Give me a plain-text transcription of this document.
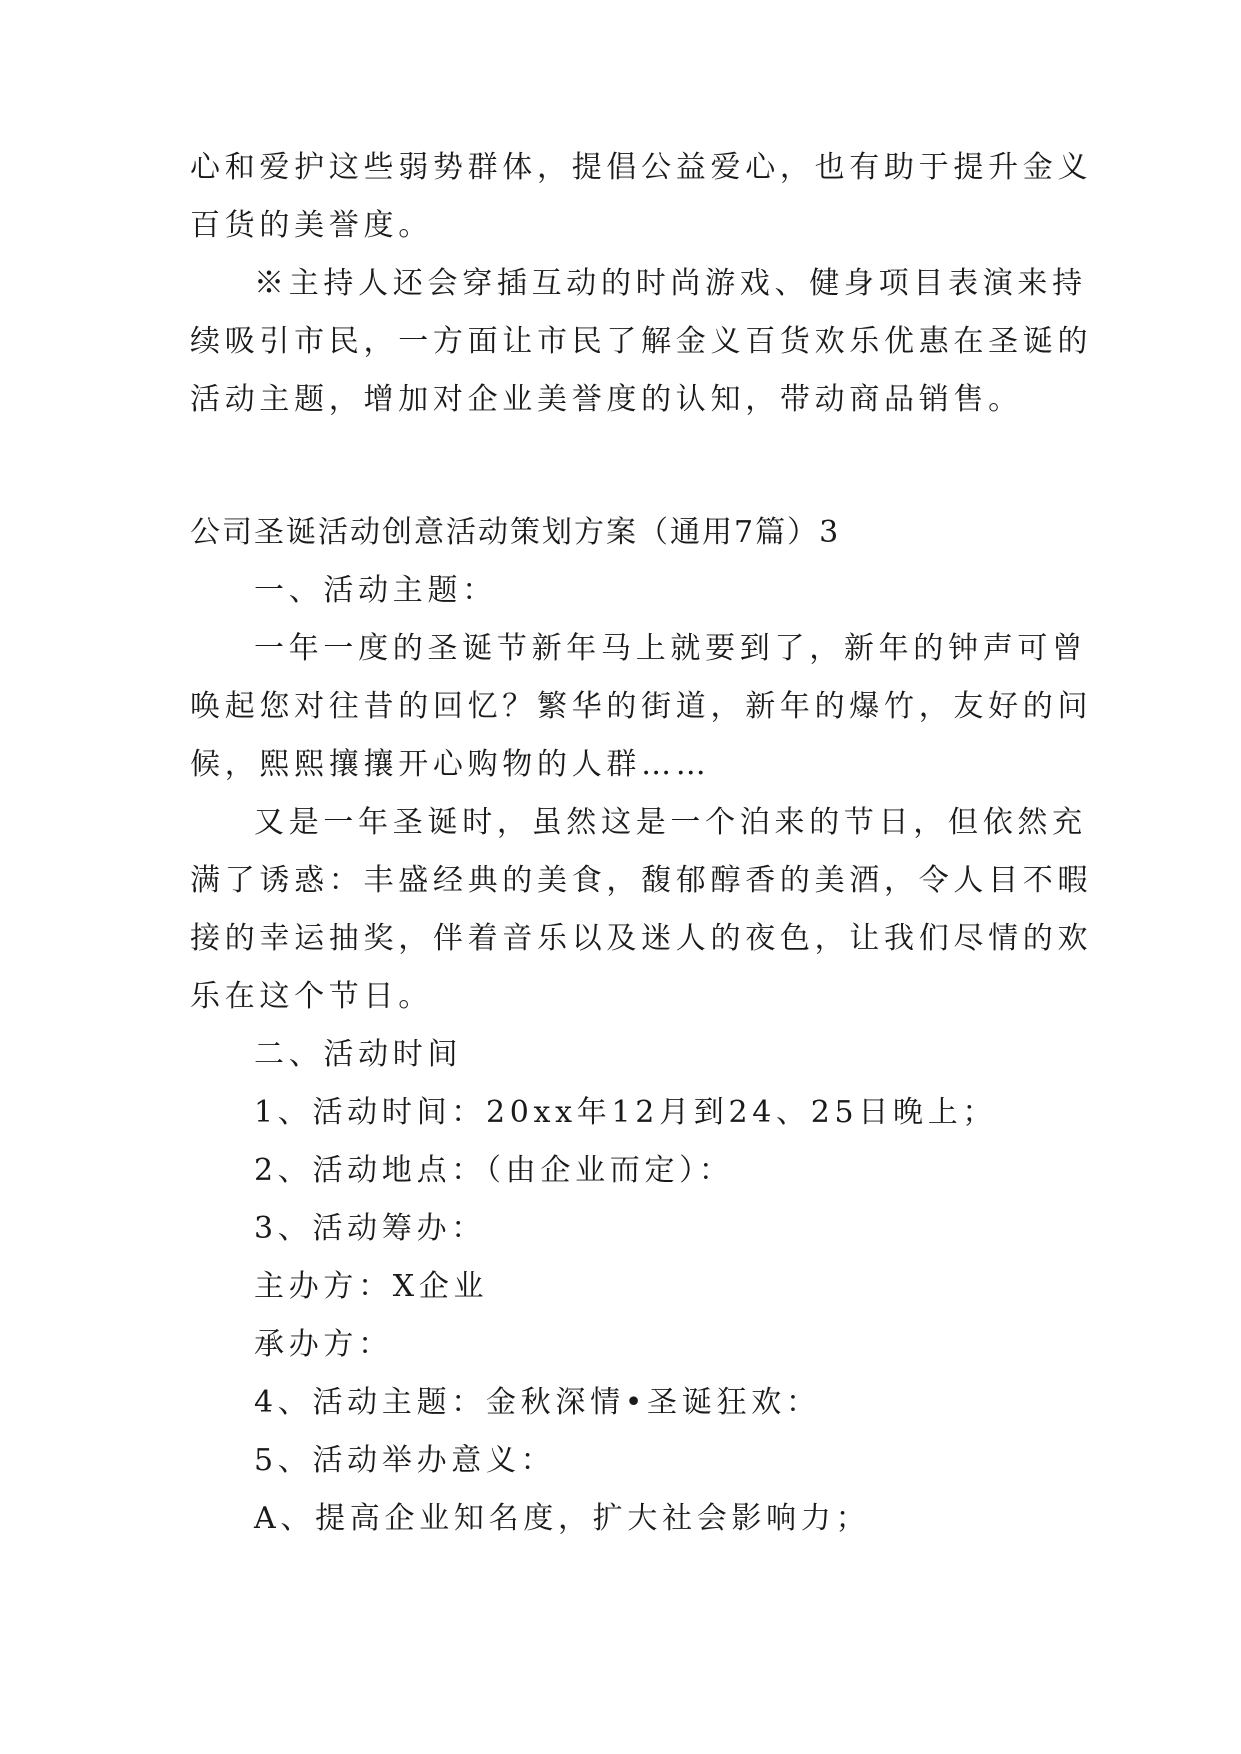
心和爱护这些弱势群体，提倡公益爱心，也有助于提升金义
百货的美誉度。
※主持人还会穿插互动的时尚游戏、健身项目表演来持
续吸引市民，一方面让市民了解金义百货欢乐优惠在圣诞的
活动主题，增加对企业美誉度的认知，带动商品销售。
公司圣诞活动创意活动策划方案（通用7篇）3
一、活动主题：
一年一度的圣诞节新年马上就要到了，新年的钟声可曾
唤起您对往昔的回忆？繁华的街道，新年的爆竹，友好的问
候，熙熙攘攘开心购物的人群……
又是一年圣诞时，虽然这是一个泊来的节日，但依然充
满了诱惑：丰盛经典的美食，馥郁醇香的美酒，令人目不暇
接的幸运抽奖，伴着音乐以及迷人的夜色，让我们尽情的欢
乐在这个节日。
二、活动时间
1、活动时间：20xx年12月到24、25日晚上；
2、活动地点：（由企业而定）：
3、活动筹办：
主办方：X企业
承办方：
4、活动主题：金秋深情•圣诞狂欢：
5、活动举办意义：
A、提高企业知名度，扩大社会影响力；
